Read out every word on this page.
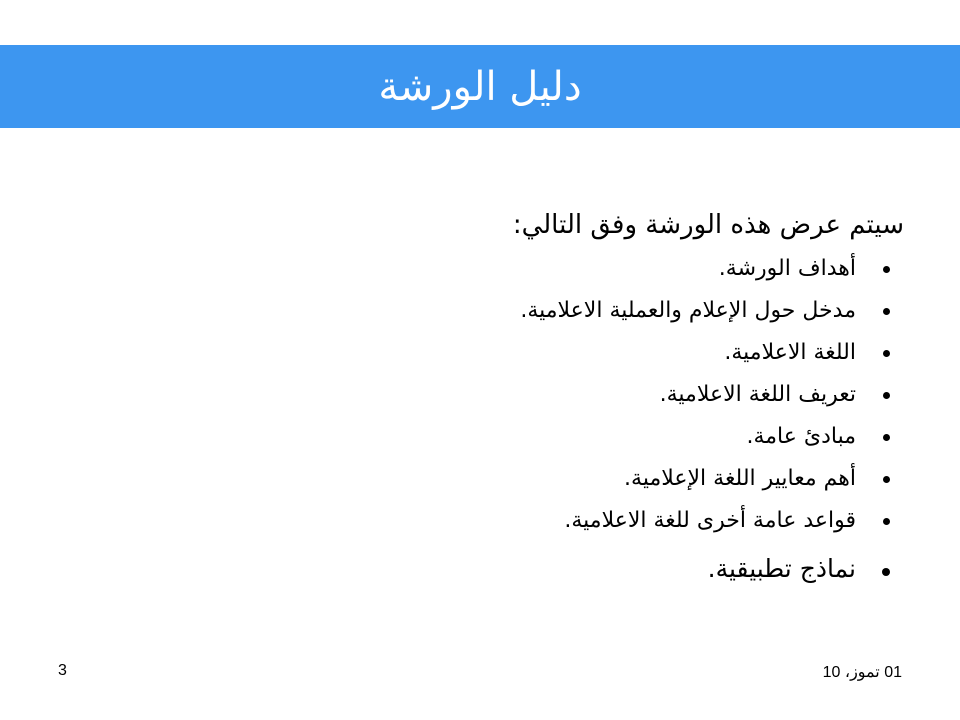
دليل الورشة

سيتم عرض هذه الورشة وفق التالي:

أهداف الورشة.
مدخل حول الإعلام والعملية الاعلامية.
اللغة الاعلامية.
تعريف اللغة الاعلامية.
مبادئ عامة.
أهم معايير اللغة الإعلامية.
قواعد عامة أخرى للغة الاعلامية.
نماذج تطبيقية.
01 تموز، 10
3
